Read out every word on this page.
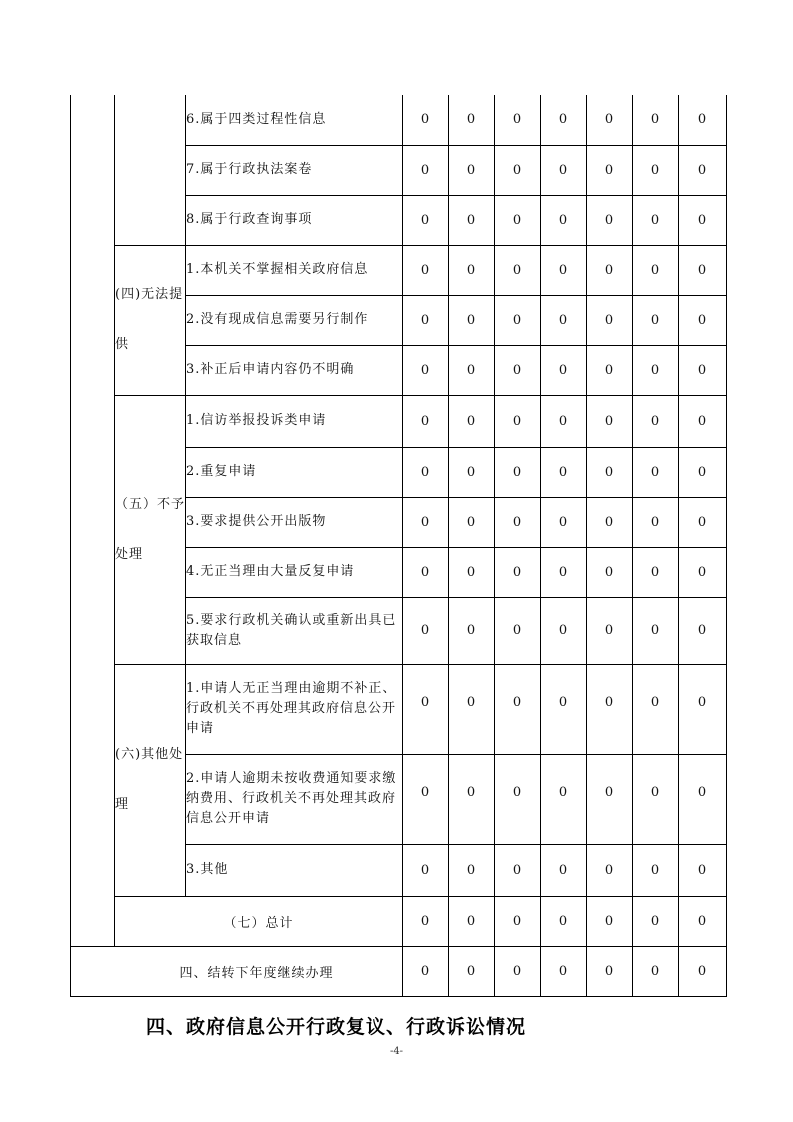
		6.属于四类过程性信息	0	0	0	0	0	0	0
		7.属于行政执法案卷	0	0	0	0	0	0	0
		8.属于行政查询事项	0	0	0	0	0	0	0
	(四)无法提供	1.本机关不掌握相关政府信息	0	0	0	0	0	0	0
		2.没有现成信息需要另行制作	0	0	0	0	0	0	0
		3.补正后申请内容仍不明确	0	0	0	0	0	0	0
	（五）不予处理	1.信访举报投诉类申请	0	0	0	0	0	0	0
		2.重复申请	0	0	0	0	0	0	0
		3.要求提供公开出版物	0	0	0	0	0	0	0
		4.无正当理由大量反复申请	0	0	0	0	0	0	0
		5.要求行政机关确认或重新出具已获取信息	0	0	0	0	0	0	0
	(六)其他处理	1.申请人无正当理由逾期不补正、行政机关不再处理其政府信息公开申请	0	0	0	0	0	0	0
		2.申请人逾期未按收费通知要求缴纳费用、行政机关不再处理其政府信息公开申请	0	0	0	0	0	0	0
		3.其他	0	0	0	0	0	0	0
	（七）总计		0	0	0	0	0	0	0
四、结转下年度继续办理			0	0	0	0	0	0	0
四、政府信息公开行政复议、行政诉讼情况
-4-
